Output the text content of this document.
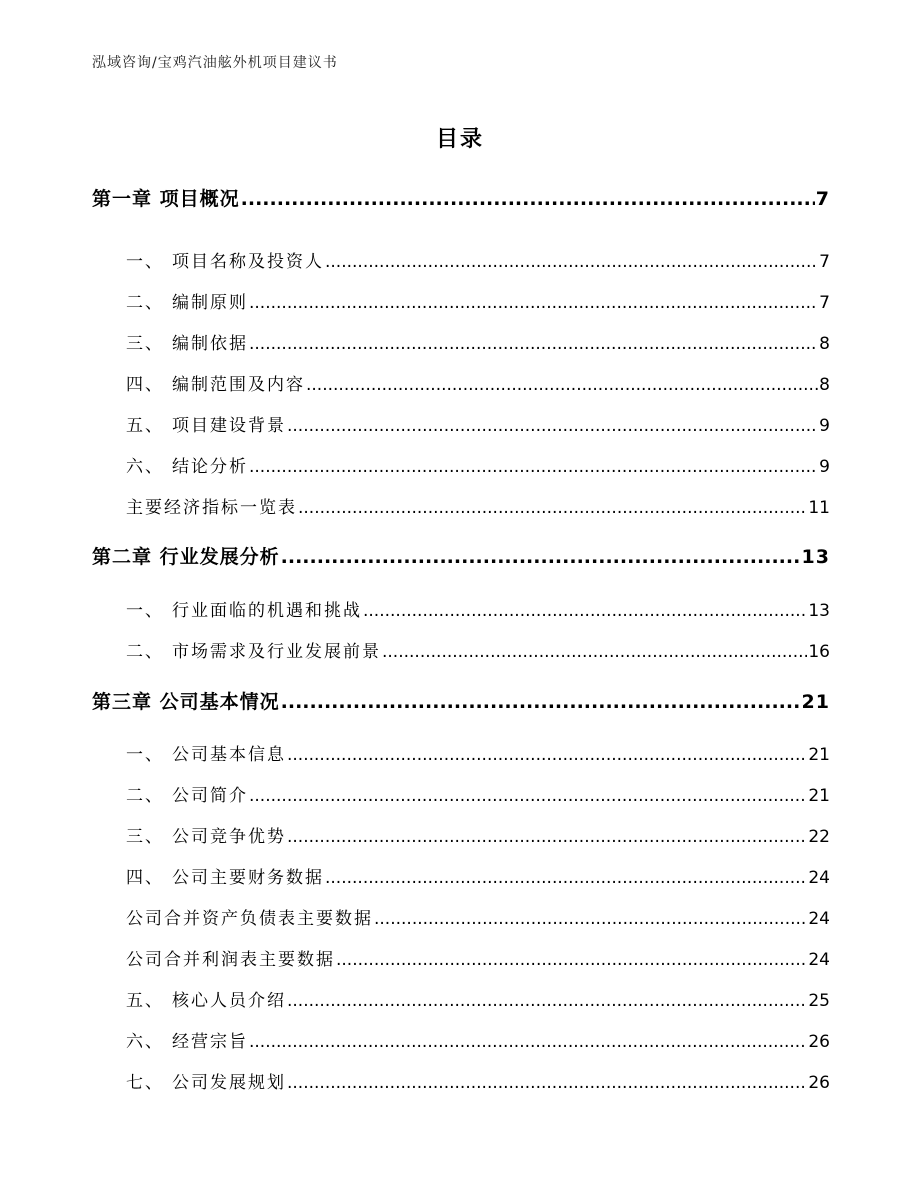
泓域咨询/宝鸡汽油舷外机项目建议书
目录
第一章 项目概况 .....	7
一、 项目名称及投资人 .....	7
二、 编制原则 .....	7
三、 编制依据 .....	8
四、 编制范围及内容 .....	8
五、 项目建设背景 .....	9
六、 结论分析 .....	9
主要经济指标一览表 .....	11
第二章 行业发展分析 .....	13
一、 行业面临的机遇和挑战 .....	13
二、 市场需求及行业发展前景 .....	16
第三章 公司基本情况 .....	21
一、 公司基本信息 .....	21
二、 公司简介 .....	21
三、 公司竞争优势 .....	22
四、 公司主要财务数据 .....	24
公司合并资产负债表主要数据 .....	24
公司合并利润表主要数据 .....	24
五、 核心人员介绍 .....	25
六、 经营宗旨 .....	26
七、 公司发展规划 .....	26
